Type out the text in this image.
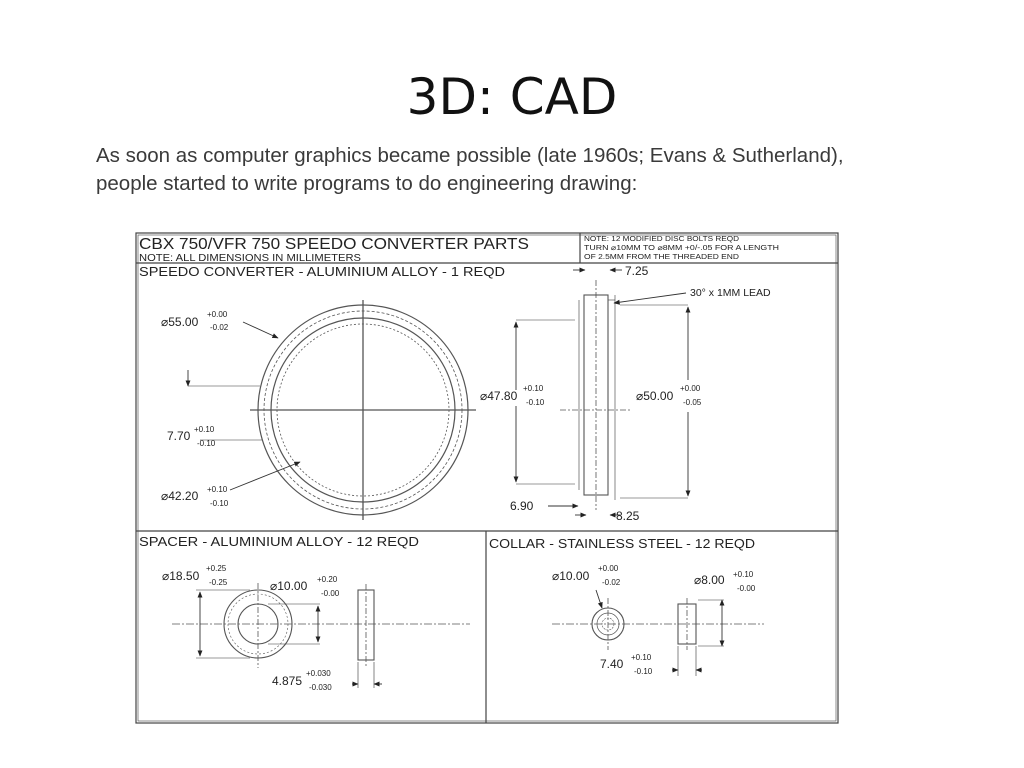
3D: CAD
As soon as computer graphics became possible (late 1960s; Evans & Sutherland),
people started to write programs to do engineering drawing:
CBX 750/VFR 750 SPEEDO CONVERTER PARTS
NOTE: ALL DIMENSIONS IN MILLIMETERS
NOTE: 12 MODIFIED DISC BOLTS REQD
TURN ⌀10MM TO ⌀8MM +0/-.05 FOR A LENGTH
OF 2.5MM FROM THE THREADED END
SPEEDO CONVERTER - ALUMINIUM ALLOY - 1 REQD
SPACER - ALUMINIUM ALLOY - 12 REQD	COLLAR - STAINLESS STEEL - 12 REQD
⌀55.00
+0.00
-0.02
7.70 +0.10
-0.10
⌀42.20 +0.10
-0.10
7.25
30° x 1MM LEAD
⌀47.80
+0.10
-0.10	⌀50.00
+0.00
-0.05
6.90
8.25
⌀18.50
+0.25
-0.25	⌀10.00 +0.20
-0.00
4.875
+0.030
-0.030
⌀10.00
+0.00
-0.02	⌀8.00 +0.10
-0.00
7.40 +0.10
-0.10
